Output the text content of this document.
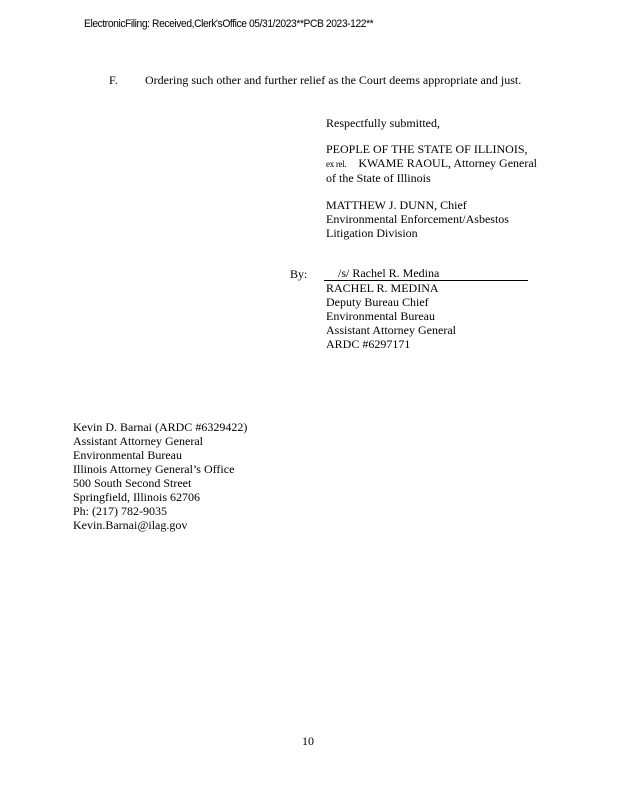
ElectronicFiling: Received,Clerk'sOffice 05/31/2023**PCB 2023-122**
F. Ordering such other and further relief as the Court deems appropriate and just.
Respectfully submitted,
PEOPLE OF THE STATE OF ILLINOIS,
ex rel. KWAME RAOUL, Attorney General
of the State of Illinois
MATTHEW J. DUNN, Chief
Environmental Enforcement/Asbestos
Litigation Division
By:	/s/ Rachel R. Medina
RACHEL R. MEDINA
Deputy Bureau Chief
Environmental Bureau
Assistant Attorney General
ARDC #6297171
Kevin D. Barnai (ARDC #6329422)
Assistant Attorney General
Environmental Bureau
Illinois Attorney General’s Office
500 South Second Street
Springfield, Illinois 62706
Ph: (217) 782-9035
Kevin.Barnai@ilag.gov
10
